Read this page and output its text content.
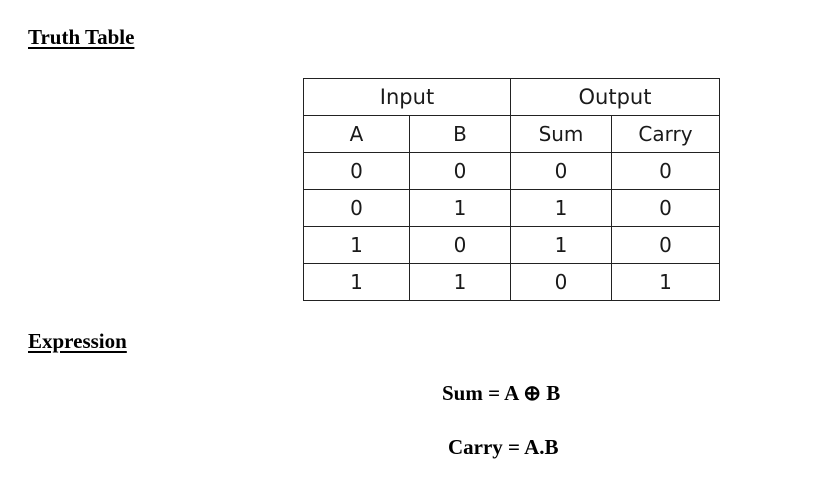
Truth Table
Input		Output	
A	B	Sum	Carry
0	0	0	0
0	1	1	0
1	0	1	0
1	1	0	1
Expression
Sum = A ⊕ B
Carry = A.B
